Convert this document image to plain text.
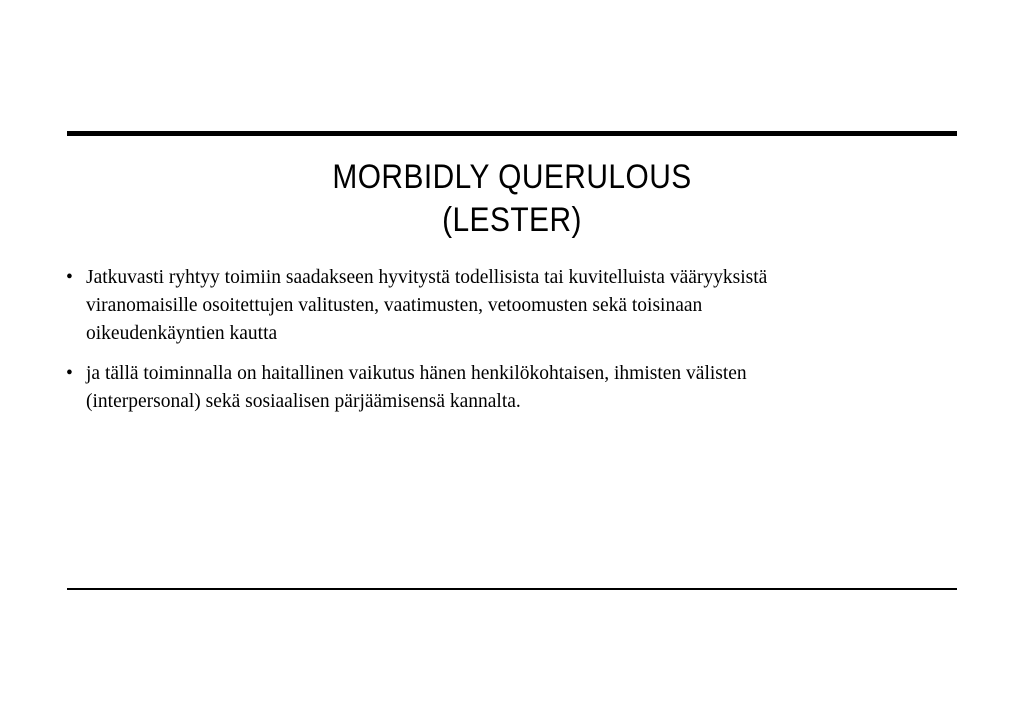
MORBIDLY QUERULOUS
(LESTER)
• Jatkuvasti ryhtyy toimiin saadakseen hyvitystä todellisista tai kuvitelluista vääryyksistä
viranomaisille osoitettujen valitusten, vaatimusten, vetoomusten sekä toisinaan
oikeudenkäyntien kautta
• ja tällä toiminnalla on haitallinen vaikutus hänen henkilökohtaisen, ihmisten välisten
(interpersonal) sekä sosiaalisen pärjäämisensä kannalta.
